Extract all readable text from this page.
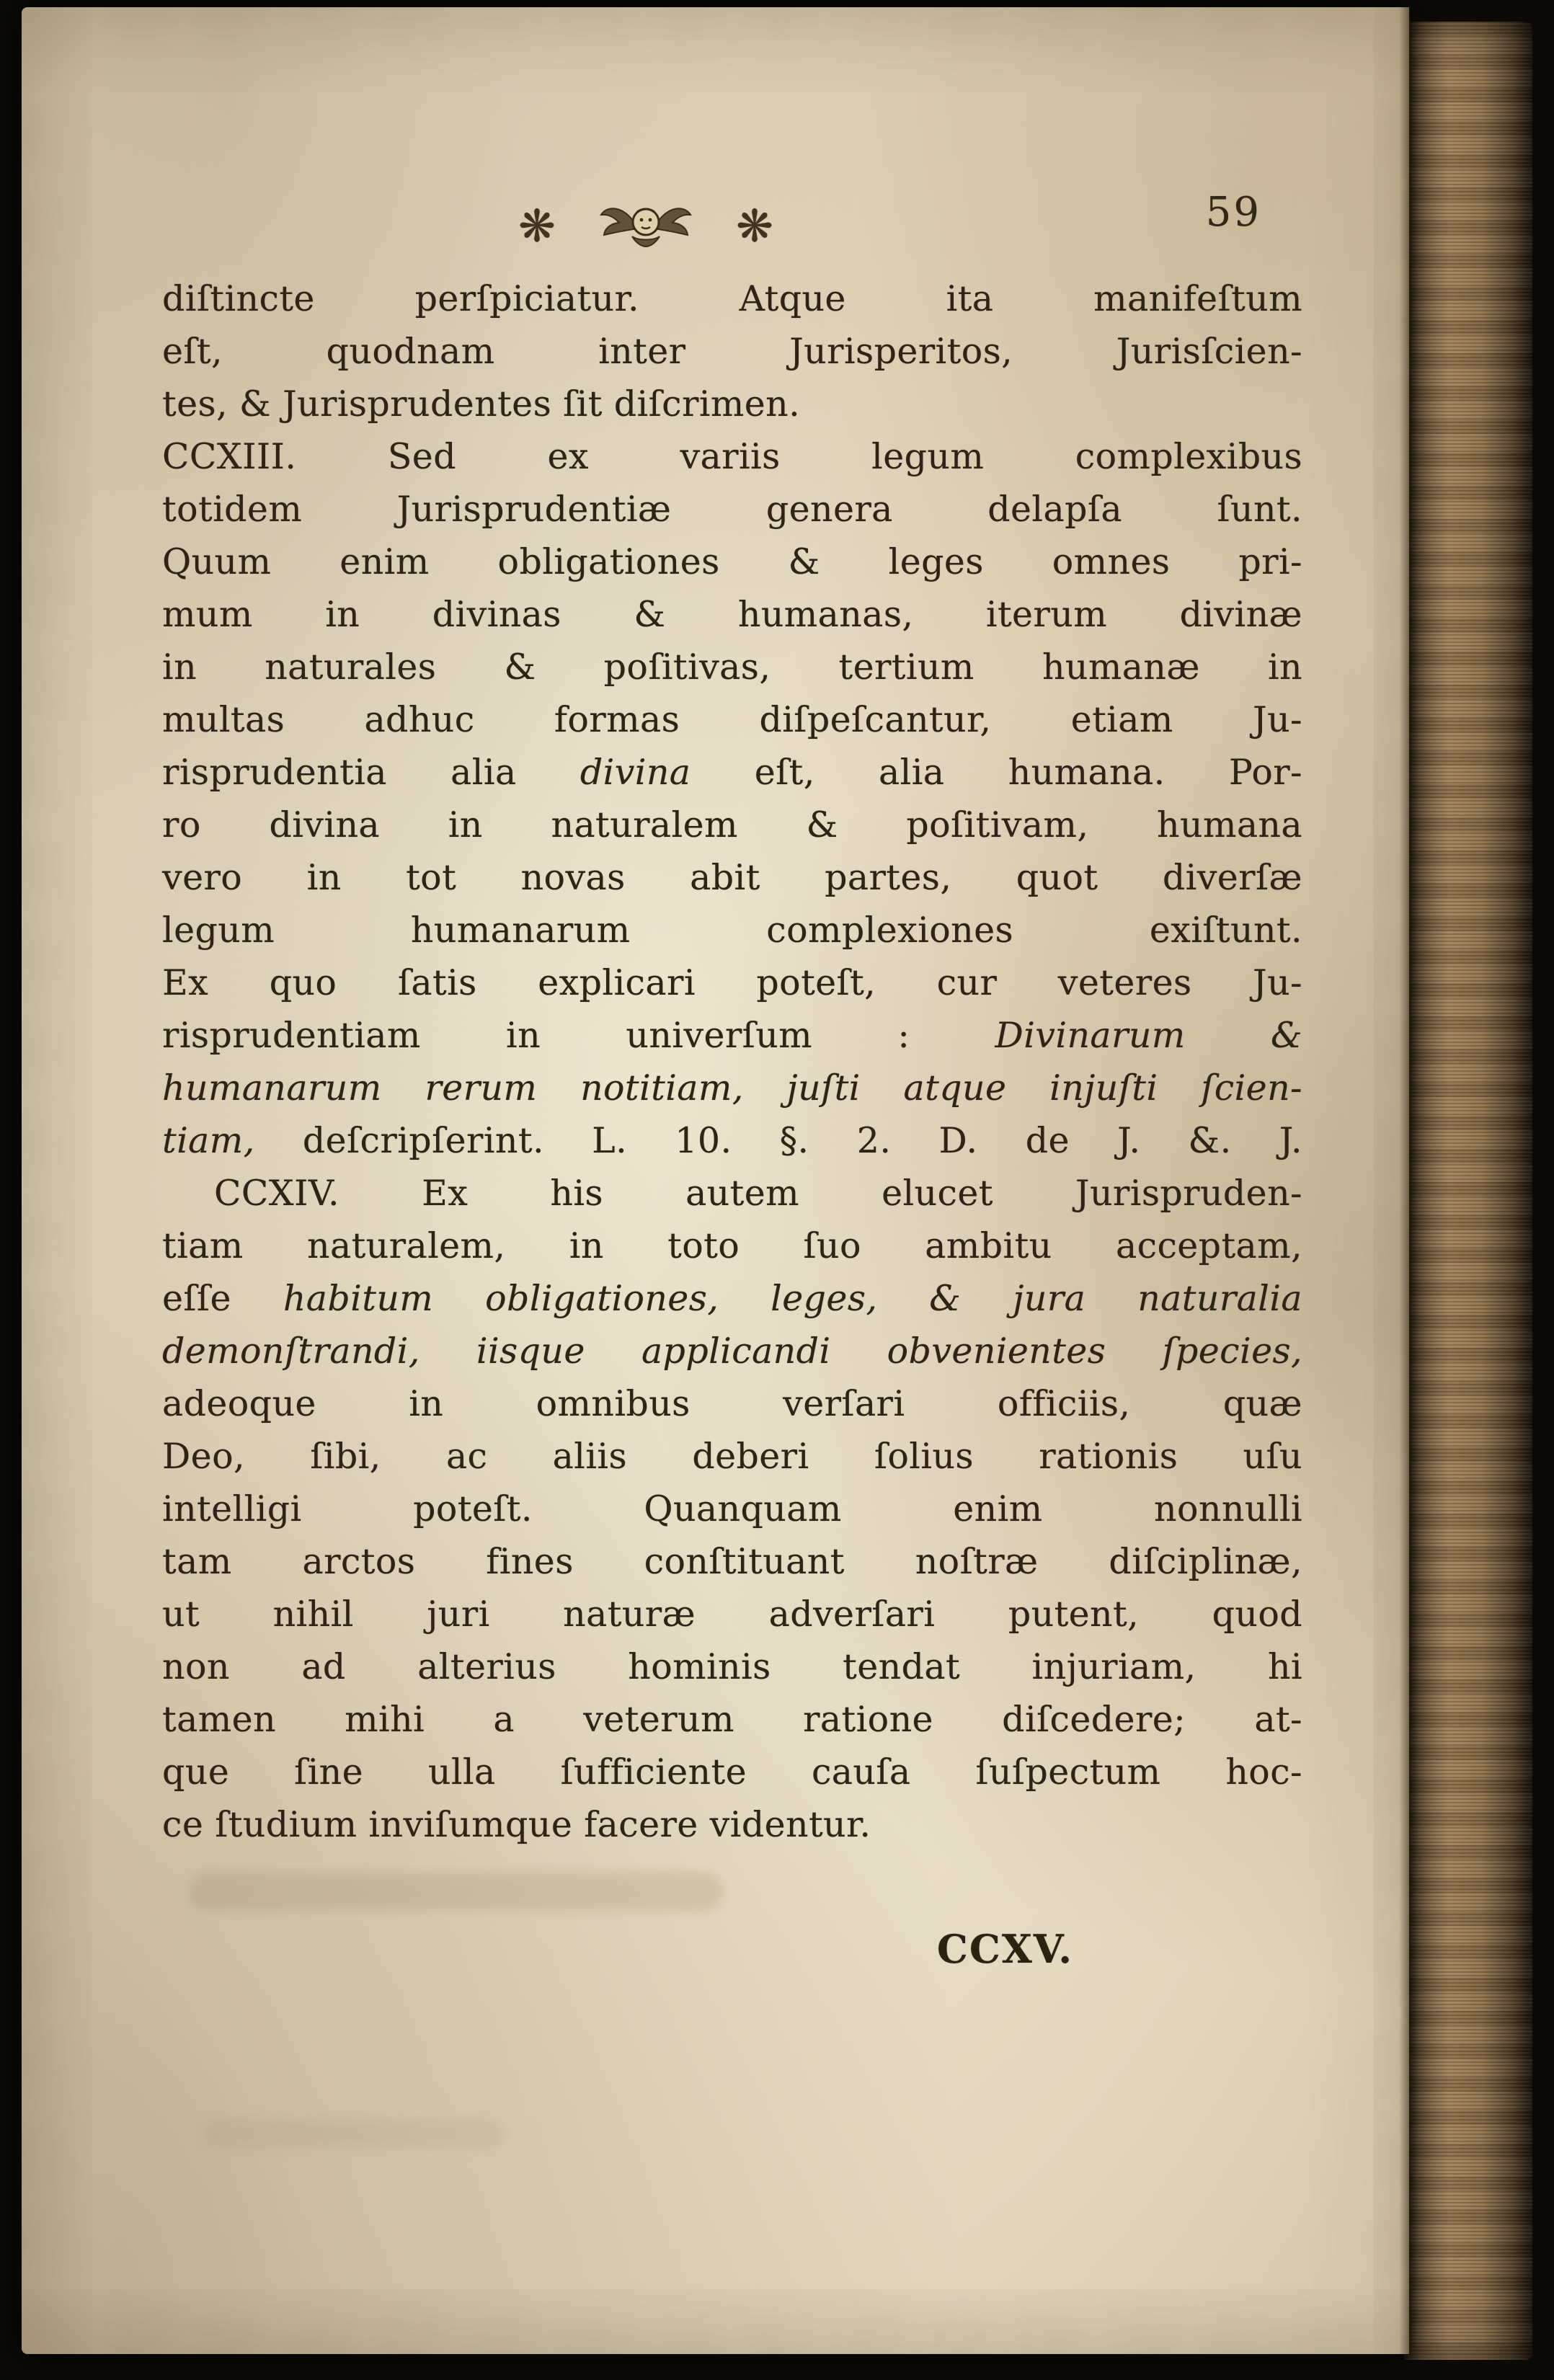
❋	❋	59
diſtincte perſpiciatur. Atque ita manifeſtum
eſt, quodnam inter Jurisperitos, Jurisſcien-
tes, & Jurisprudentes ſit diſcrimen.
CCXIII. Sed ex variis legum complexibus
totidem Jurisprudentiæ genera delapſa ſunt.
Quum enim obligationes & leges omnes pri-
mum in divinas & humanas, iterum divinæ
in naturales & poſitivas, tertium humanæ in
multas adhuc formas diſpeſcantur, etiam Ju-
risprudentia alia divina eſt, alia humana. Por-
ro divina in naturalem & poſitivam, humana
vero in tot novas abit partes, quot diverſæ
legum humanarum complexiones exiſtunt.
Ex quo ſatis explicari poteſt, cur veteres Ju-
risprudentiam in univerſum : Divinarum &
humanarum rerum notitiam, juſti atque injuſti ſcien-
tiam, deſcripſerint. L. 10. §. 2. D. de J. &. J.
CCXIV. Ex his autem elucet Jurispruden-
tiam naturalem, in toto ſuo ambitu acceptam,
eſſe habitum obligationes, leges, & jura naturalia
demonſtrandi, iisque applicandi obvenientes ſpecies,
adeoque in omnibus verſari officiis, quæ
Deo, ſibi, ac aliis deberi ſolius rationis uſu
intelligi poteſt. Quanquam enim nonnulli
tam arctos fines conſtituant noſtræ diſciplinæ,
ut nihil juri naturæ adverſari putent, quod
non ad alterius hominis tendat injuriam, hi
tamen mihi a veterum ratione diſcedere; at-
que ſine ulla ſufficiente cauſa ſuſpectum hoc-
ce ſtudium inviſumque facere videntur.
CCXV.
